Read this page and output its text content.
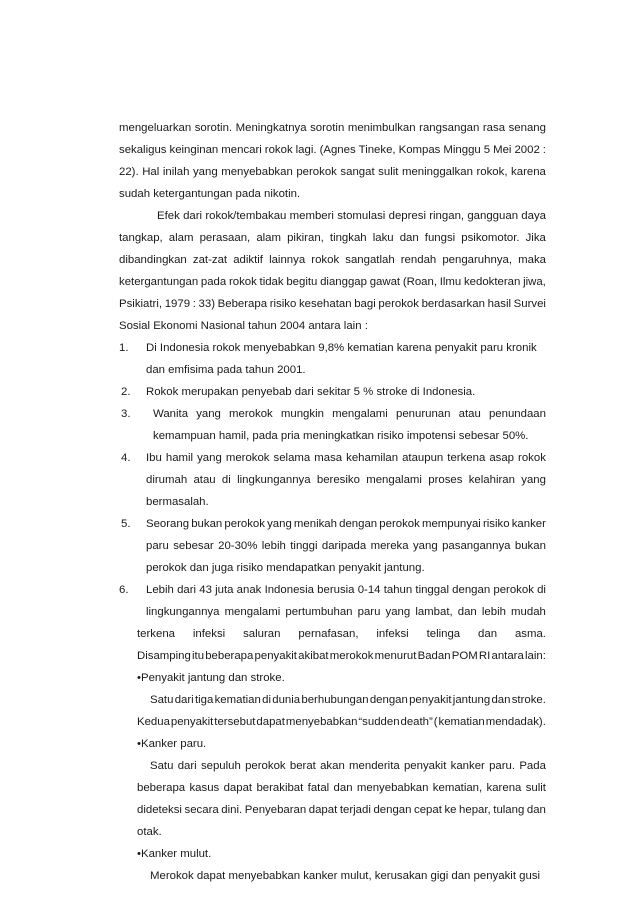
mengeluarkan sorotin. Meningkatnya sorotin menimbulkan rangsangan rasa senang
sekaligus keinginan mencari rokok lagi. (Agnes Tineke, Kompas Minggu 5 Mei 2002 :
22). Hal inilah yang menyebabkan perokok sangat sulit meninggalkan rokok, karena
sudah ketergantungan pada nikotin.
Efek dari rokok/tembakau memberi stomulasi depresi ringan, gangguan daya
tangkap, alam perasaan, alam pikiran, tingkah laku dan fungsi psikomotor. Jika
dibandingkan zat-zat adiktif lainnya rokok sangatlah rendah pengaruhnya, maka
ketergantungan pada rokok tidak begitu dianggap gawat (Roan, Ilmu kedokteran jiwa,
Psikiatri, 1979 : 33) Beberapa risiko kesehatan bagi perokok berdasarkan hasil Survei
Sosial Ekonomi Nasional tahun 2004 antara lain :
1. Di Indonesia rokok menyebabkan 9,8% kematian karena penyakit paru kronik
dan emfisima pada tahun 2001.
2. Rokok merupakan penyebab dari sekitar 5 % stroke di Indonesia.
3. Wanita yang merokok mungkin mengalami penurunan atau penundaan
kemampuan hamil, pada pria meningkatkan risiko impotensi sebesar 50%.
4. Ibu hamil yang merokok selama masa kehamilan ataupun terkena asap rokok
dirumah atau di lingkungannya beresiko mengalami proses kelahiran yang
bermasalah.
5. Seorang bukan perokok yang menikah dengan perokok mempunyai risiko kanker
paru sebesar 20-30% lebih tinggi daripada mereka yang pasangannya bukan
perokok dan juga risiko mendapatkan penyakit jantung.
6. Lebih dari 43 juta anak Indonesia berusia 0-14 tahun tinggal dengan perokok di
lingkungannya mengalami pertumbuhan paru yang lambat, dan lebih mudah
terkena infeksi saluran pernafasan, infeksi telinga dan asma.
Disamping itu beberapa penyakit akibat merokok menurut Badan POM RI antara lain:
•Penyakit jantung dan stroke.
Satu dari tiga kematian di dunia berhubungan dengan penyakit jantung dan stroke.
Kedua penyakit tersebut dapat menyebabkan “sudden death” ( kematian mendadak).
•Kanker paru.
Satu dari sepuluh perokok berat akan menderita penyakit kanker paru. Pada
beberapa kasus dapat berakibat fatal dan menyebabkan kematian, karena sulit
dideteksi secara dini. Penyebaran dapat terjadi dengan cepat ke hepar, tulang dan
otak.
•Kanker mulut.
Merokok dapat menyebabkan kanker mulut, kerusakan gigi dan penyakit gusi
